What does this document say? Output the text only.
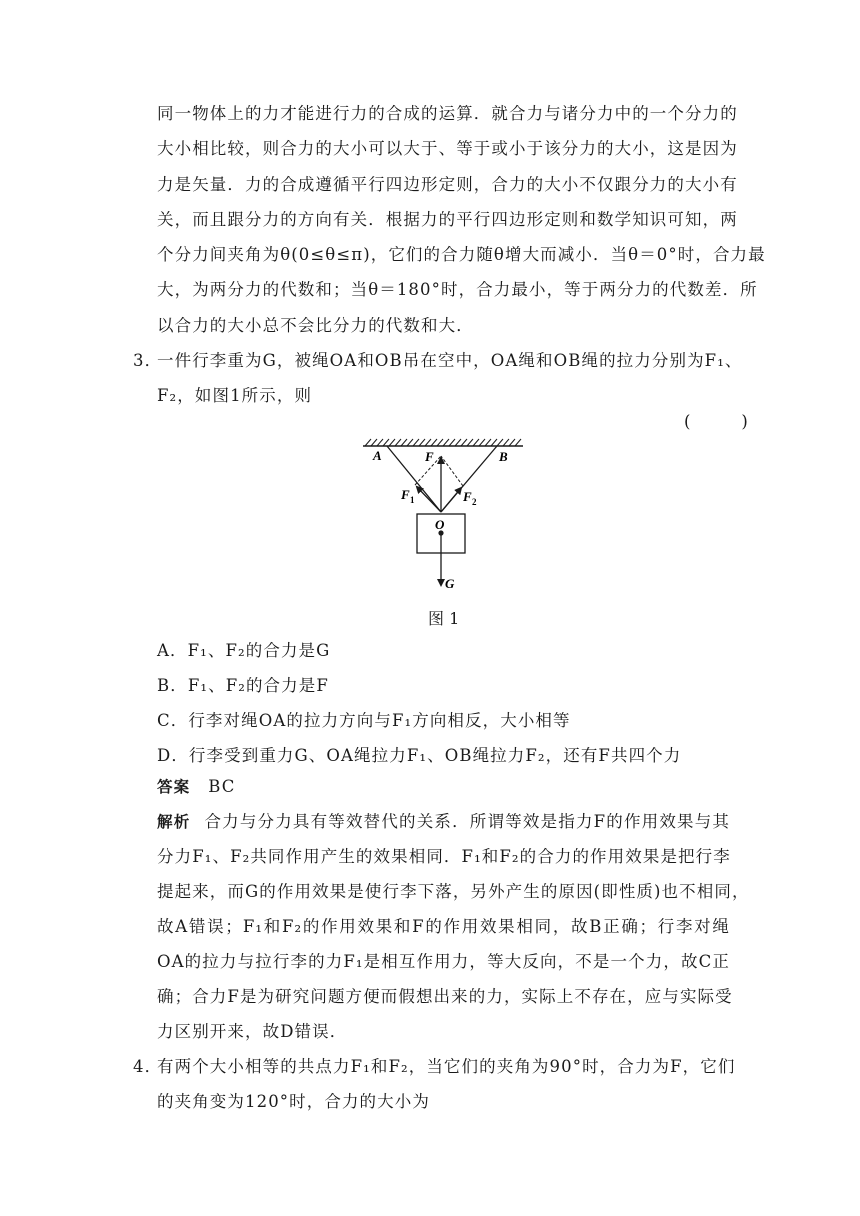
同一物体上的力才能进行力的合成的运算．就合力与诸分力中的一个分力的
大小相比较，则合力的大小可以大于、等于或小于该分力的大小，这是因为
力是矢量．力的合成遵循平行四边形定则，合力的大小不仅跟分力的大小有
关，而且跟分力的方向有关．根据力的平行四边形定则和数学知识可知，两
个分力间夹角为θ(0≤θ≤π)，它们的合力随θ增大而减小．当θ＝0°时，合力最
大，为两分力的代数和；当θ＝180°时，合力最小，等于两分力的代数差．所
以合力的大小总不会比分力的代数和大．
3．
一件行李重为G，被绳OA和OB吊在空中，OA绳和OB绳的拉力分别为F₁、
F₂，如图1所示，则
(　　)
A	B
F
F 1	F 2
O
G
图 1
A．F₁、F₂的合力是G
B．F₁、F₂的合力是F
C．行李对绳OA的拉力方向与F₁方向相反，大小相等
D．行李受到重力G、OA绳拉力F₁、OB绳拉力F₂，还有F共四个力
答案 BC
解析 合力与分力具有等效替代的关系．所谓等效是指力F的作用效果与其
分力F₁、F₂共同作用产生的效果相同．F₁和F₂的合力的作用效果是把行李
提起来，而G的作用效果是使行李下落，另外产生的原因(即性质)也不相同，
故A错误；F₁和F₂的作用效果和F的作用效果相同，故B正确；行李对绳
OA的拉力与拉行李的力F₁是相互作用力，等大反向，不是一个力，故C正
确；合力F是为研究问题方便而假想出来的力，实际上不存在，应与实际受
力区别开来，故D错误．
4．
有两个大小相等的共点力F₁和F₂，当它们的夹角为90°时，合力为F，它们
的夹角变为120°时，合力的大小为
